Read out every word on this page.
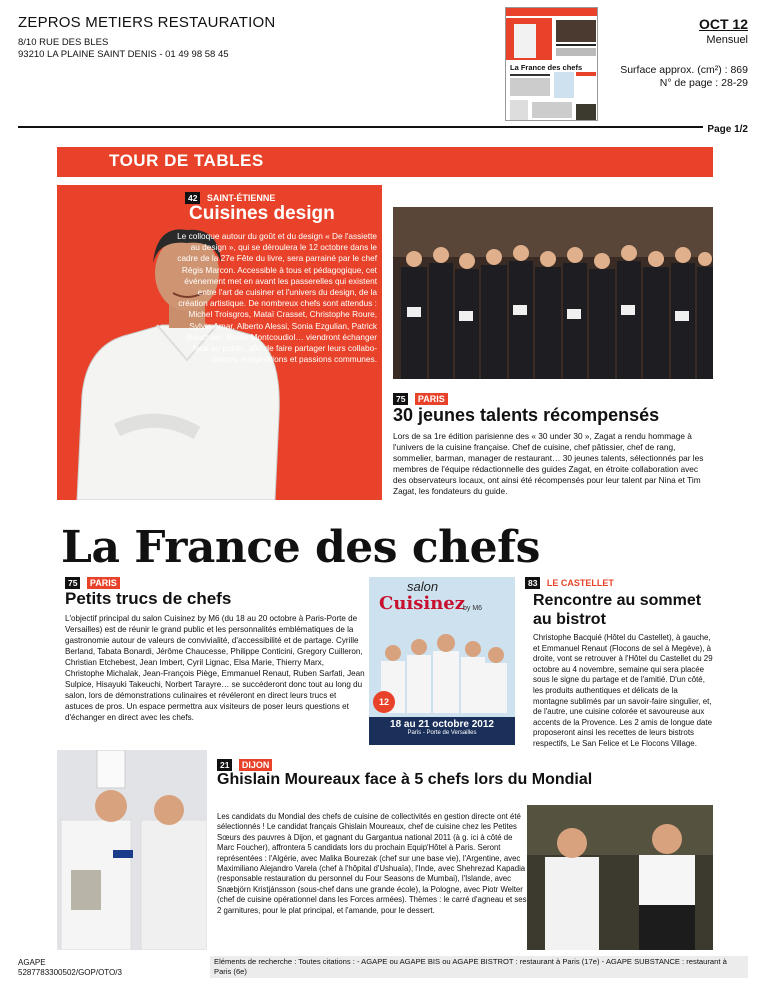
ZEPROS METIERS RESTAURATION
8/10 RUE DES BLES
93210 LA PLAINE SAINT DENIS - 01 49 98 58 45
OCT 12
Mensuel
Surface approx. (cm²) : 869
N° de page : 28-29
La France des chefs
Page 1/2
TOUR DE TABLES
42 SAINT-ÉTIENNE
Cuisines design
Le colloque autour du goût et du design « De l'assiette au design », qui se déroulera le 12 octobre dans le cadre de la 27e Fête du livre, sera parrainé par le chef Régis Marcon. Accessible à tous et pédagogique, cet événement met en avant les passerelles qui existent entre l'art de cuisiner et l'univers du design, de la création artistique. De nombreux chefs sont attendus : Michel Troisgros, Mataï Crasset, Christophe Roure, Sylvie Amar, Alberto Alessi, Sonia Ezgulian, Patrick Bouchain, Bruno Montcoudiol… viendront échanger face au public, afin de faire partager leurs collabo-rations, imaginations et passions communes.
75 PARIS
30 jeunes talents récompensés
Lors de sa 1re édition parisienne des « 30 under 30 », Zagat a rendu hommage à l'univers de la cuisine française. Chef de cuisine, chef pâtissier, chef de rang, sommelier, barman, manager de restaurant… 30 jeunes talents, sélectionnés par les membres de l'équipe rédactionnelle des guides Zagat, en étroite collaboration avec des observateurs locaux, ont ainsi été récompensés pour leur talent par Nina et Tim Zagat, les fondateurs du guide.
La France des chefs
75 PARIS
Petits trucs de chefs
L'objectif principal du salon Cuisinez by M6 (du 18 au 20 octobre à Paris-Porte de Versailles) est de réunir le grand public et les personnalités emblématiques de la gastronomie autour de valeurs de convivialité, d'accessibilité et de partage. Cyrille Berland, Tabata Bonardi, Jérôme Chaucesse, Philippe Conticini, Gregory Cuilleron, Christian Etchebest, Jean Imbert, Cyril Lignac, Elsa Marie, Thierry Marx, Christophe Michalak, Jean-François Piège, Emmanuel Renaut, Ruben Sarfati, Jean Sulpice, Hisayuki Takeuchi, Norbert Tarayre… se succéderont donc tout au long du salon, lors de démonstrations culinaires et révéleront en direct leurs trucs et astuces de pros. Un espace permettra aux visiteurs de poser leurs questions et d'échanger en direct avec les chefs.
salon
Cuisinez
by M6
12
18 au 21 octobre 2012
Paris - Porte de Versailles
83 LE CASTELLET
Rencontre au sommet au bistrot
Christophe Bacquié (Hôtel du Castellet), à gauche, et Emmanuel Renaut (Flocons de sel à Megève), à droite, vont se retrouver à l'Hôtel du Castellet du 29 octobre au 4 novembre, semaine qui sera placée sous le signe du partage et de l'amitié. D'un côté, les produits authentiques et délicats de la montagne sublimés par un savoir-faire singulier, et, de l'autre, une cuisine colorée et savoureuse aux accents de la Provence. Les 2 amis de longue date proposeront ainsi les recettes de leurs bistrots respectifs, Le San Felice et Le Flocons Village.
21 DIJON
Ghislain Moureaux face à 5 chefs lors du Mondial
Les candidats du Mondial des chefs de cuisine de collectivités en gestion directe ont été sélectionnés ! Le candidat français Ghislain Moureaux, chef de cuisine chez les Petites Sœurs des pauvres à Dijon, et gagnant du Gargantua national 2011 (à g. ici à côté de Marc Foucher), affrontera 5 candidats lors du prochain Equip'Hôtel à Paris. Seront représentées : l'Algérie, avec Malika Bourezak (chef sur une base vie), l'Argentine, avec Maximiliano Alejandro Varela (chef à l'hôpital d'Ushuaïa), l'Inde, avec Shehrezad Kapadia (responsable restauration du personnel du Four Seasons de Mumbai), l'Islande, avec Snæbjörn Kristjánsson (sous-chef dans une grande école), la Pologne, avec Piotr Welter (chef de cuisine opérationnel dans les Forces armées). Thèmes : le carré d'agneau et ses 2 garnitures, pour le plat principal, et l'amande, pour le dessert.
AGAPE
5287783300502/GOP/OTO/3
Eléments de recherche : Toutes citations : - AGAPE ou AGAPE BIS ou AGAPE BISTROT : restaurant à Paris (17e) - AGAPE SUBSTANCE : restaurant à Paris (6e)
